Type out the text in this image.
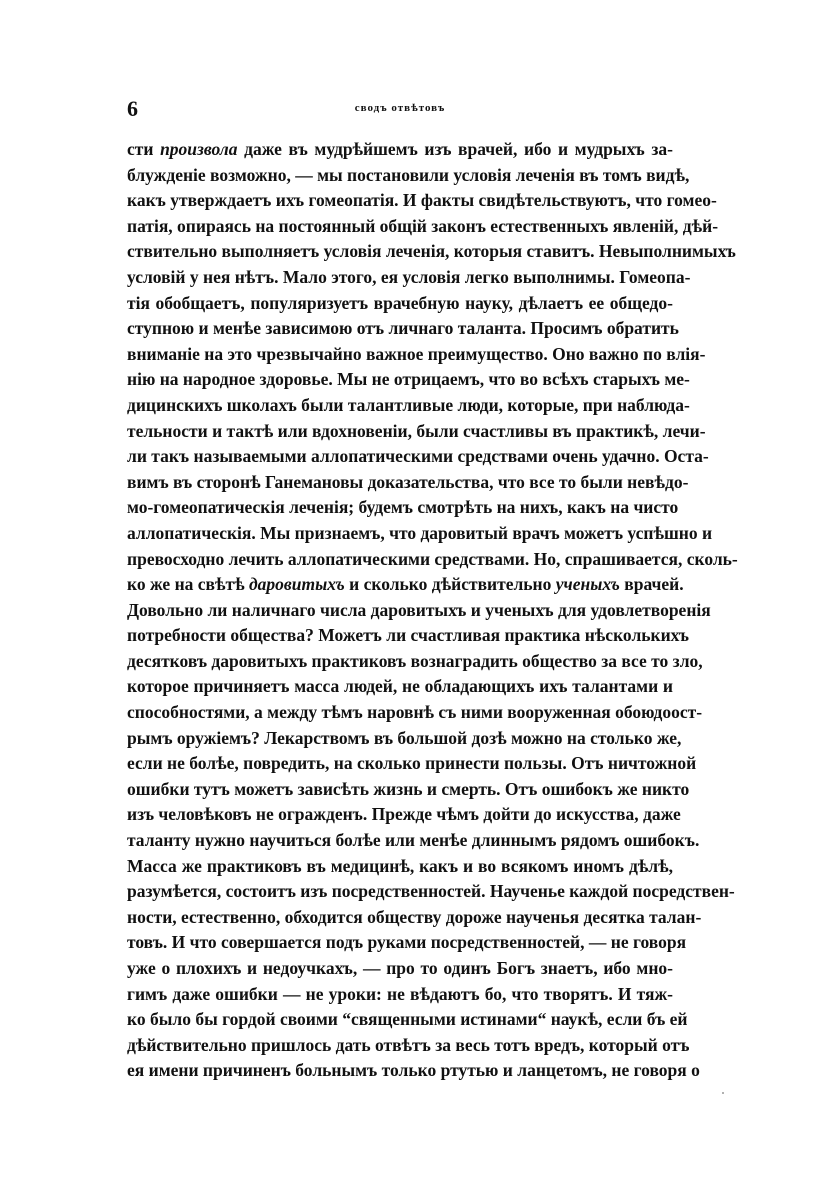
6	сводъ отвѣтовъ
сти произвола даже въ мудрѣйшемъ изъ врачей, ибо и мудрыхъ за-
блужденіе возможно, — мы постановили условія леченія въ томъ видѣ,
какъ утверждаетъ ихъ гомеопатія. И факты свидѣтельствуютъ, что гомео-
патія, опираясь на постоянный общій законъ естественныхъ явленій, дѣй-
ствительно выполняетъ условія леченія, которыя ставитъ. Невыполнимыхъ
условій у нея нѣтъ. Мало этого, ея условія легко выполнимы. Гомеопа-
тія обобщаетъ, популяризуетъ врачебную науку, дѣлаетъ ее общедо-
ступною и менѣе зависимою отъ личнаго таланта. Просимъ обратить
вниманіе на это чрезвычайно важное преимущество. Оно важно по влія-
нію на народное здоровье. Мы не отрицаемъ, что во всѣхъ старыхъ ме-
дицинскихъ школахъ были талантливые люди, которые, при наблюда-
тельности и тактѣ или вдохновеніи, были счастливы въ практикѣ, лечи-
ли такъ называемыми аллопатическими средствами очень удачно. Оста-
вимъ въ сторонѣ Ганемановы доказательства, что все то были невѣдо-
мо-гомеопатическія леченія; будемъ смотрѣть на нихъ, какъ на чисто
аллопатическія. Мы признаемъ, что даровитый врачъ можетъ успѣшно и
превосходно лечить аллопатическими средствами. Но, спрашивается, сколь-
ко же на свѣтѣ даровитыхъ и сколько дѣйствительно ученыхъ врачей.
Довольно ли наличнаго числа даровитыхъ и ученыхъ для удовлетворенія
потребности общества? Можетъ ли счастливая практика нѣсколькихъ
десятковъ даровитыхъ практиковъ вознаградить общество за все то зло,
которое причиняетъ масса людей, не обладающихъ ихъ талантами и
способностями, а между тѣмъ наровнѣ съ ними вооруженная обоюдоост-
рымъ оружіемъ? Лекарствомъ въ большой дозѣ можно на столько же,
если не болѣе, повредить, на сколько принести пользы. Отъ ничтожной
ошибки тутъ можетъ зависѣть жизнь и смерть. Отъ ошибокъ же никто
изъ человѣковъ не огражденъ. Прежде чѣмъ дойти до искусства, даже
таланту нужно научиться болѣе или менѣе длиннымъ рядомъ ошибокъ.
Масса же практиковъ въ медицинѣ, какъ и во всякомъ иномъ дѣлѣ,
разумѣется, состоитъ изъ посредственностей. Наученье каждой посредствен-
ности, естественно, обходится обществу дороже наученья десятка талан-
товъ. И что совершается подъ руками посредственностей, — не говоря
уже о плохихъ и недоучкахъ, — про то одинъ Богъ знаетъ, ибо мно-
гимъ даже ошибки — не уроки: не вѣдаютъ бо, что творятъ. И тяж-
ко было бы гордой своими “священными истинами“ наукѣ, если бъ ей
дѣйствительно пришлось дать отвѣтъ за весь тотъ вредъ, который отъ
ея имени причиненъ больнымъ только ртутью и ланцетомъ, не говоря о
